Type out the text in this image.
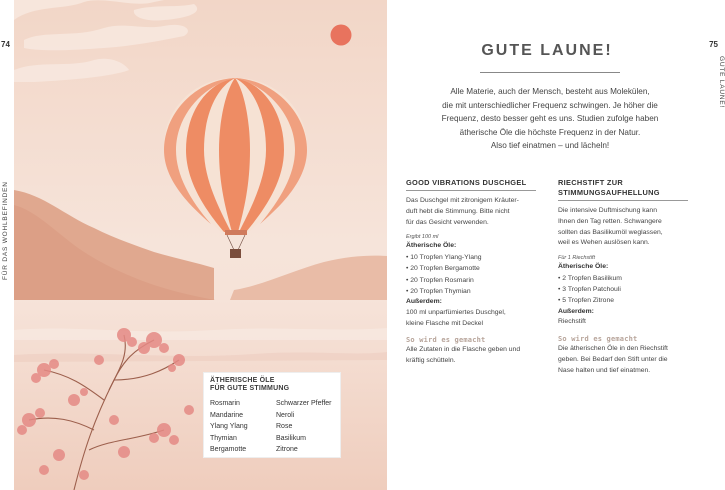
74
FÜR DAS WOHLBEFINDEN
ÄTHERISCHE ÖLE
FÜR GUTE STIMMUNG
Rosmarin
Mandarine
Ylang Ylang
Thymian
Bergamotte
Schwarzer Pfeffer
Neroli
Rose
Basilikum
Zitrone
GUTE LAUNE!
Alle Materie, auch der Mensch, besteht aus Molekülen,
die mit unterschiedlicher Frequenz schwingen. Je höher die
Frequenz, desto besser geht es uns. Studien zufolge haben
ätherische Öle die höchste Frequenz in der Natur.
Also tief einatmen – und lächeln!
GOOD VIBRATIONS DUSCHGEL

Das Duschgel mit zitronigem Kräuter-

duft hebt die Stimmung. Bitte nicht

für das Gesicht verwenden.

Ergibt 100 ml
Ätherische Öle:
• 10 Tropfen Ylang-Ylang
• 20 Tropfen Bergamotte
• 20 Tropfen Rosmarin
• 20 Tropfen Thymian
Außerdem:

100 ml unparfümiertes Duschgel,

kleine Flasche mit Deckel

So wird es gemacht

Alle Zutaten in die Flasche geben und

kräftig schütteln.

RIECHSTIFT ZUR
STIMMUNGSAUFHELLUNG

Die intensive Duftmischung kann

Ihnen den Tag retten. Schwangere

sollten das Basilikumöl weglassen,

weil es Wehen auslösen kann.

Für 1 Riechstift
Ätherische Öle:
• 2 Tropfen Basilikum
• 3 Tropfen Patchouli
• 5 Tropfen Zitrone
Außerdem:

Riechstift

So wird es gemacht

Die ätherischen Öle in den Riechstift

geben. Bei Bedarf den Stift unter die

Nase halten und tief einatmen.

75
GUTE LAUNE!
